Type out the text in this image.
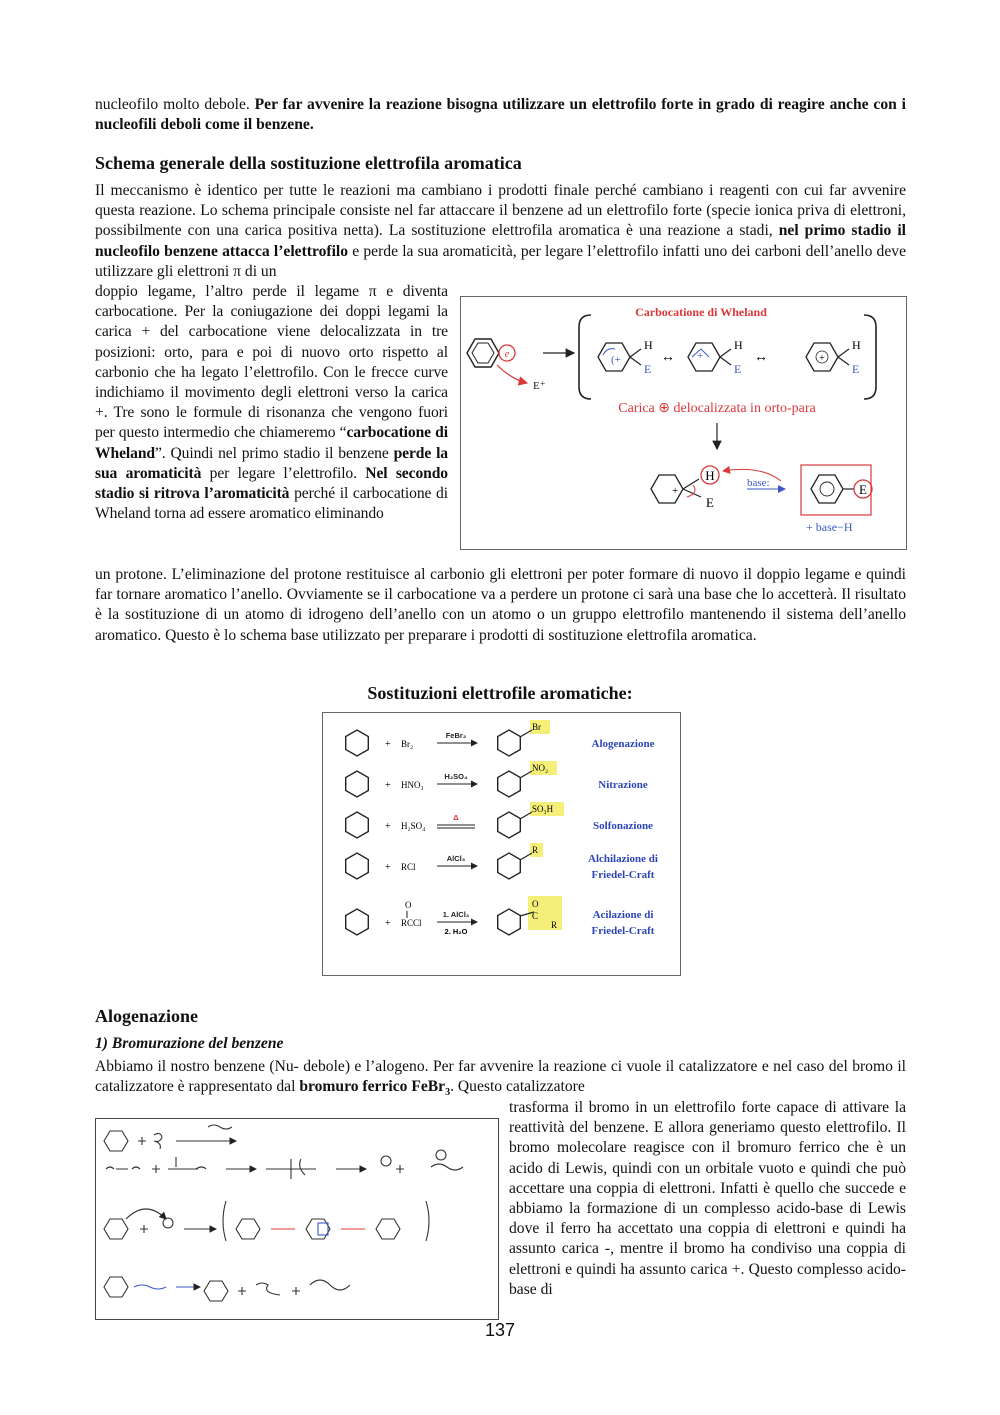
nucleofilo molto debole. Per far avvenire la reazione bisogna utilizzare un elettrofilo forte in grado di reagire anche con i nucleofili deboli come il benzene.

Schema generale della sostituzione elettrofila aromatica

Il meccanismo è identico per tutte le reazioni ma cambiano i prodotti finale perché cambiano i reagenti con cui far avvenire questa reazione. Lo schema principale consiste nel far attaccare il benzene ad un elettrofilo forte (specie ionica priva di elettroni, possibilmente con una carica positiva netta). La sostituzione elettrofila aromatica è una reazione a stadi, nel primo stadio il nucleofilo benzene attacca l’elettrofilo e perde la sua aromaticità, per legare l’elettrofilo infatti uno dei carboni dell’anello deve utilizzare gli elettroni π di un

doppio legame, l’altro perde il legame π e diventa carbocatione. Per la coniugazione dei doppi legami la carica + del carbocatione viene delocalizzata in tre posizioni: orto, para e poi di nuovo orto rispetto al carbonio che ha legato l’elettrofilo. Con le frecce curve indichiamo il movimento degli elettroni verso la carica +. Tre sono le formule di risonanza che vengono fuori per questo intermedio che chiameremo “carbocatione di Wheland”. Quindi nel primo stadio il benzene perde la sua aromaticità per legare l’elettrofilo. Nel secondo stadio si ritrova l’aromaticità perché il carbocatione di Wheland torna ad essere aromatico eliminando

Carbocatione di Wheland
e
E⁺
(+
H
E
↔ +
H
E
↔	+
H
E
Carica ⊕ delocalizzata in orto-para
+
H
E
base:	E
+ base−H

un protone. L’eliminazione del protone restituisce al carbonio gli elettroni per poter formare di nuovo il doppio legame e quindi far tornare aromatico l’anello. Ovviamente se il carbocatione va a perdere un protone ci sarà una base che lo accetterà. Il risultato è la sostituzione di un atomo di idrogeno dell’anello con un atomo o un gruppo elettrofilo mantenendo il sistema dell’anello aromatico. Questo è lo schema base utilizzato per preparare i prodotti di sostituzione elettrofila aromatica.

Sostituzioni elettrofile aromatiche:
+ Br₂
FeBr₃
Br
Alogenazione
+ HNO₃
H₂SO₄
NO₂
Nitrazione
+ H₂SO₄
Δ
SO₃H
Solfonazione
+ RCl
AlCl₃
R
Alchilazione di
Friedel-Craft
+
O
RCCl
1. AlCl₃
2. H₂O
O
C
R
Acilazione di
Friedel-Craft
Alogenazione
1) Bromurazione del benzene

Abbiamo il nostro benzene (Nu- debole) e l’alogeno. Per far avvenire la reazione ci vuole il catalizzatore e nel caso del bromo il catalizzatore è rappresentato dal bromuro ferrico FeBr$_3$. Questo catalizzatore

trasforma il bromo in un elettrofilo forte capace di attivare la reattività del benzene. E allora generiamo questo elettrofilo. Il bromo molecolare reagisce con il bromuro ferrico che è un acido di Lewis, quindi con un orbitale vuoto e quindi che può accettare una coppia di elettroni. Infatti è quello che succede e abbiamo la formazione di un complesso acido-base di Lewis dove il ferro ha accettato una coppia di elettroni e quindi ha assunto carica -, mentre il bromo ha condiviso una coppia di elettroni e quindi ha assunto carica +. Questo complesso acido-base di

137
